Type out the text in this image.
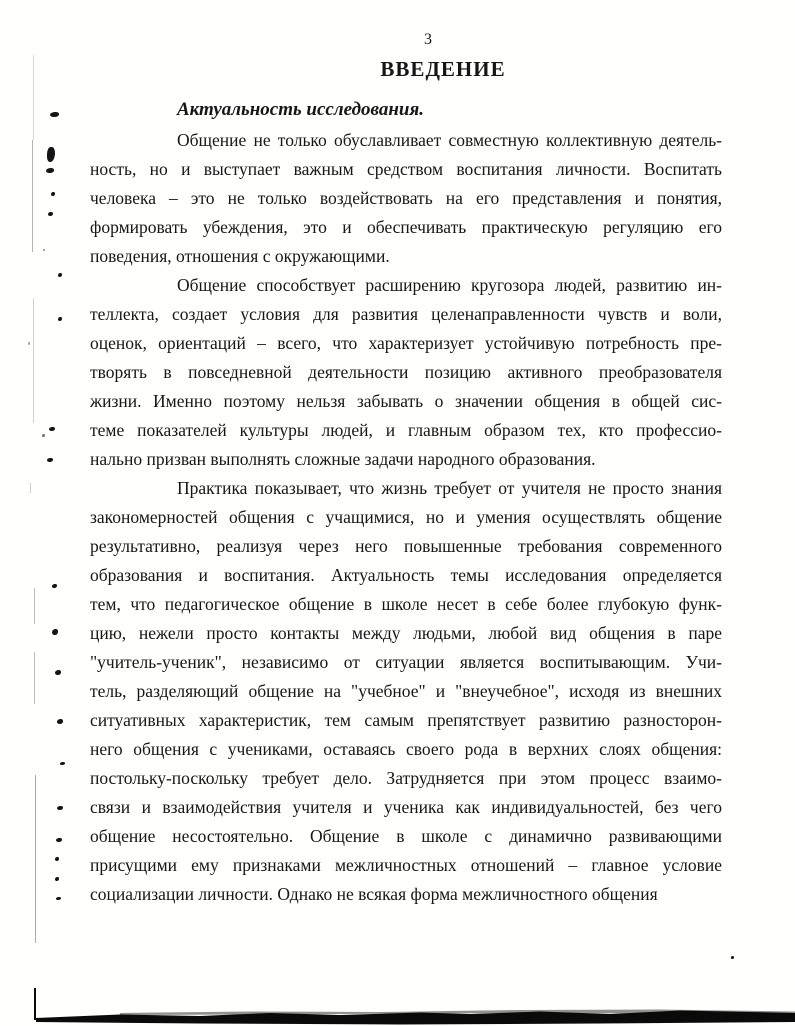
3
ВВЕДЕНИЕ
Актуальность исследования.
Общение не только обуславливает совместную коллективную деятель-
ность, но и выступает важным средством воспитания личности. Воспитать
человека – это не только воздействовать на его представления и понятия,
формировать убеждения, это и обеспечивать практическую регуляцию его
поведения, отношения с окружающими.
Общение способствует расширению кругозора людей, развитию ин-
теллекта, создает условия для развития целенаправленности чувств и воли,
оценок, ориентаций – всего, что характеризует устойчивую потребность пре-
творять в повседневной деятельности позицию активного преобразователя
жизни. Именно поэтому нельзя забывать о значении общения в общей сис-
теме показателей культуры людей, и главным образом тех, кто профессио-
нально призван выполнять сложные задачи народного образования.
Практика показывает, что жизнь требует от учителя не просто знания
закономерностей общения с учащимися, но и умения осуществлять общение
результативно, реализуя через него повышенные требования современного
образования и воспитания. Актуальность темы исследования определяется
тем, что педагогическое общение в школе несет в себе более глубокую функ-
цию, нежели просто контакты между людьми, любой вид общения в паре
"учитель-ученик", независимо от ситуации является воспитывающим. Учи-
тель, разделяющий общение на "учебное" и "внеучебное", исходя из внешних
ситуативных характеристик, тем самым препятствует развитию разносторон-
него общения с учениками, оставаясь своего рода в верхних слоях общения:
постольку-поскольку требует дело. Затрудняется при этом процесс взаимо-
связи и взаимодействия учителя и ученика как индивидуальностей, без чего
общение несостоятельно. Общение в школе с динамично развивающими
присущими ему признаками межличностных отношений – главное условие
социализации личности. Однако не всякая форма межличностного общения
